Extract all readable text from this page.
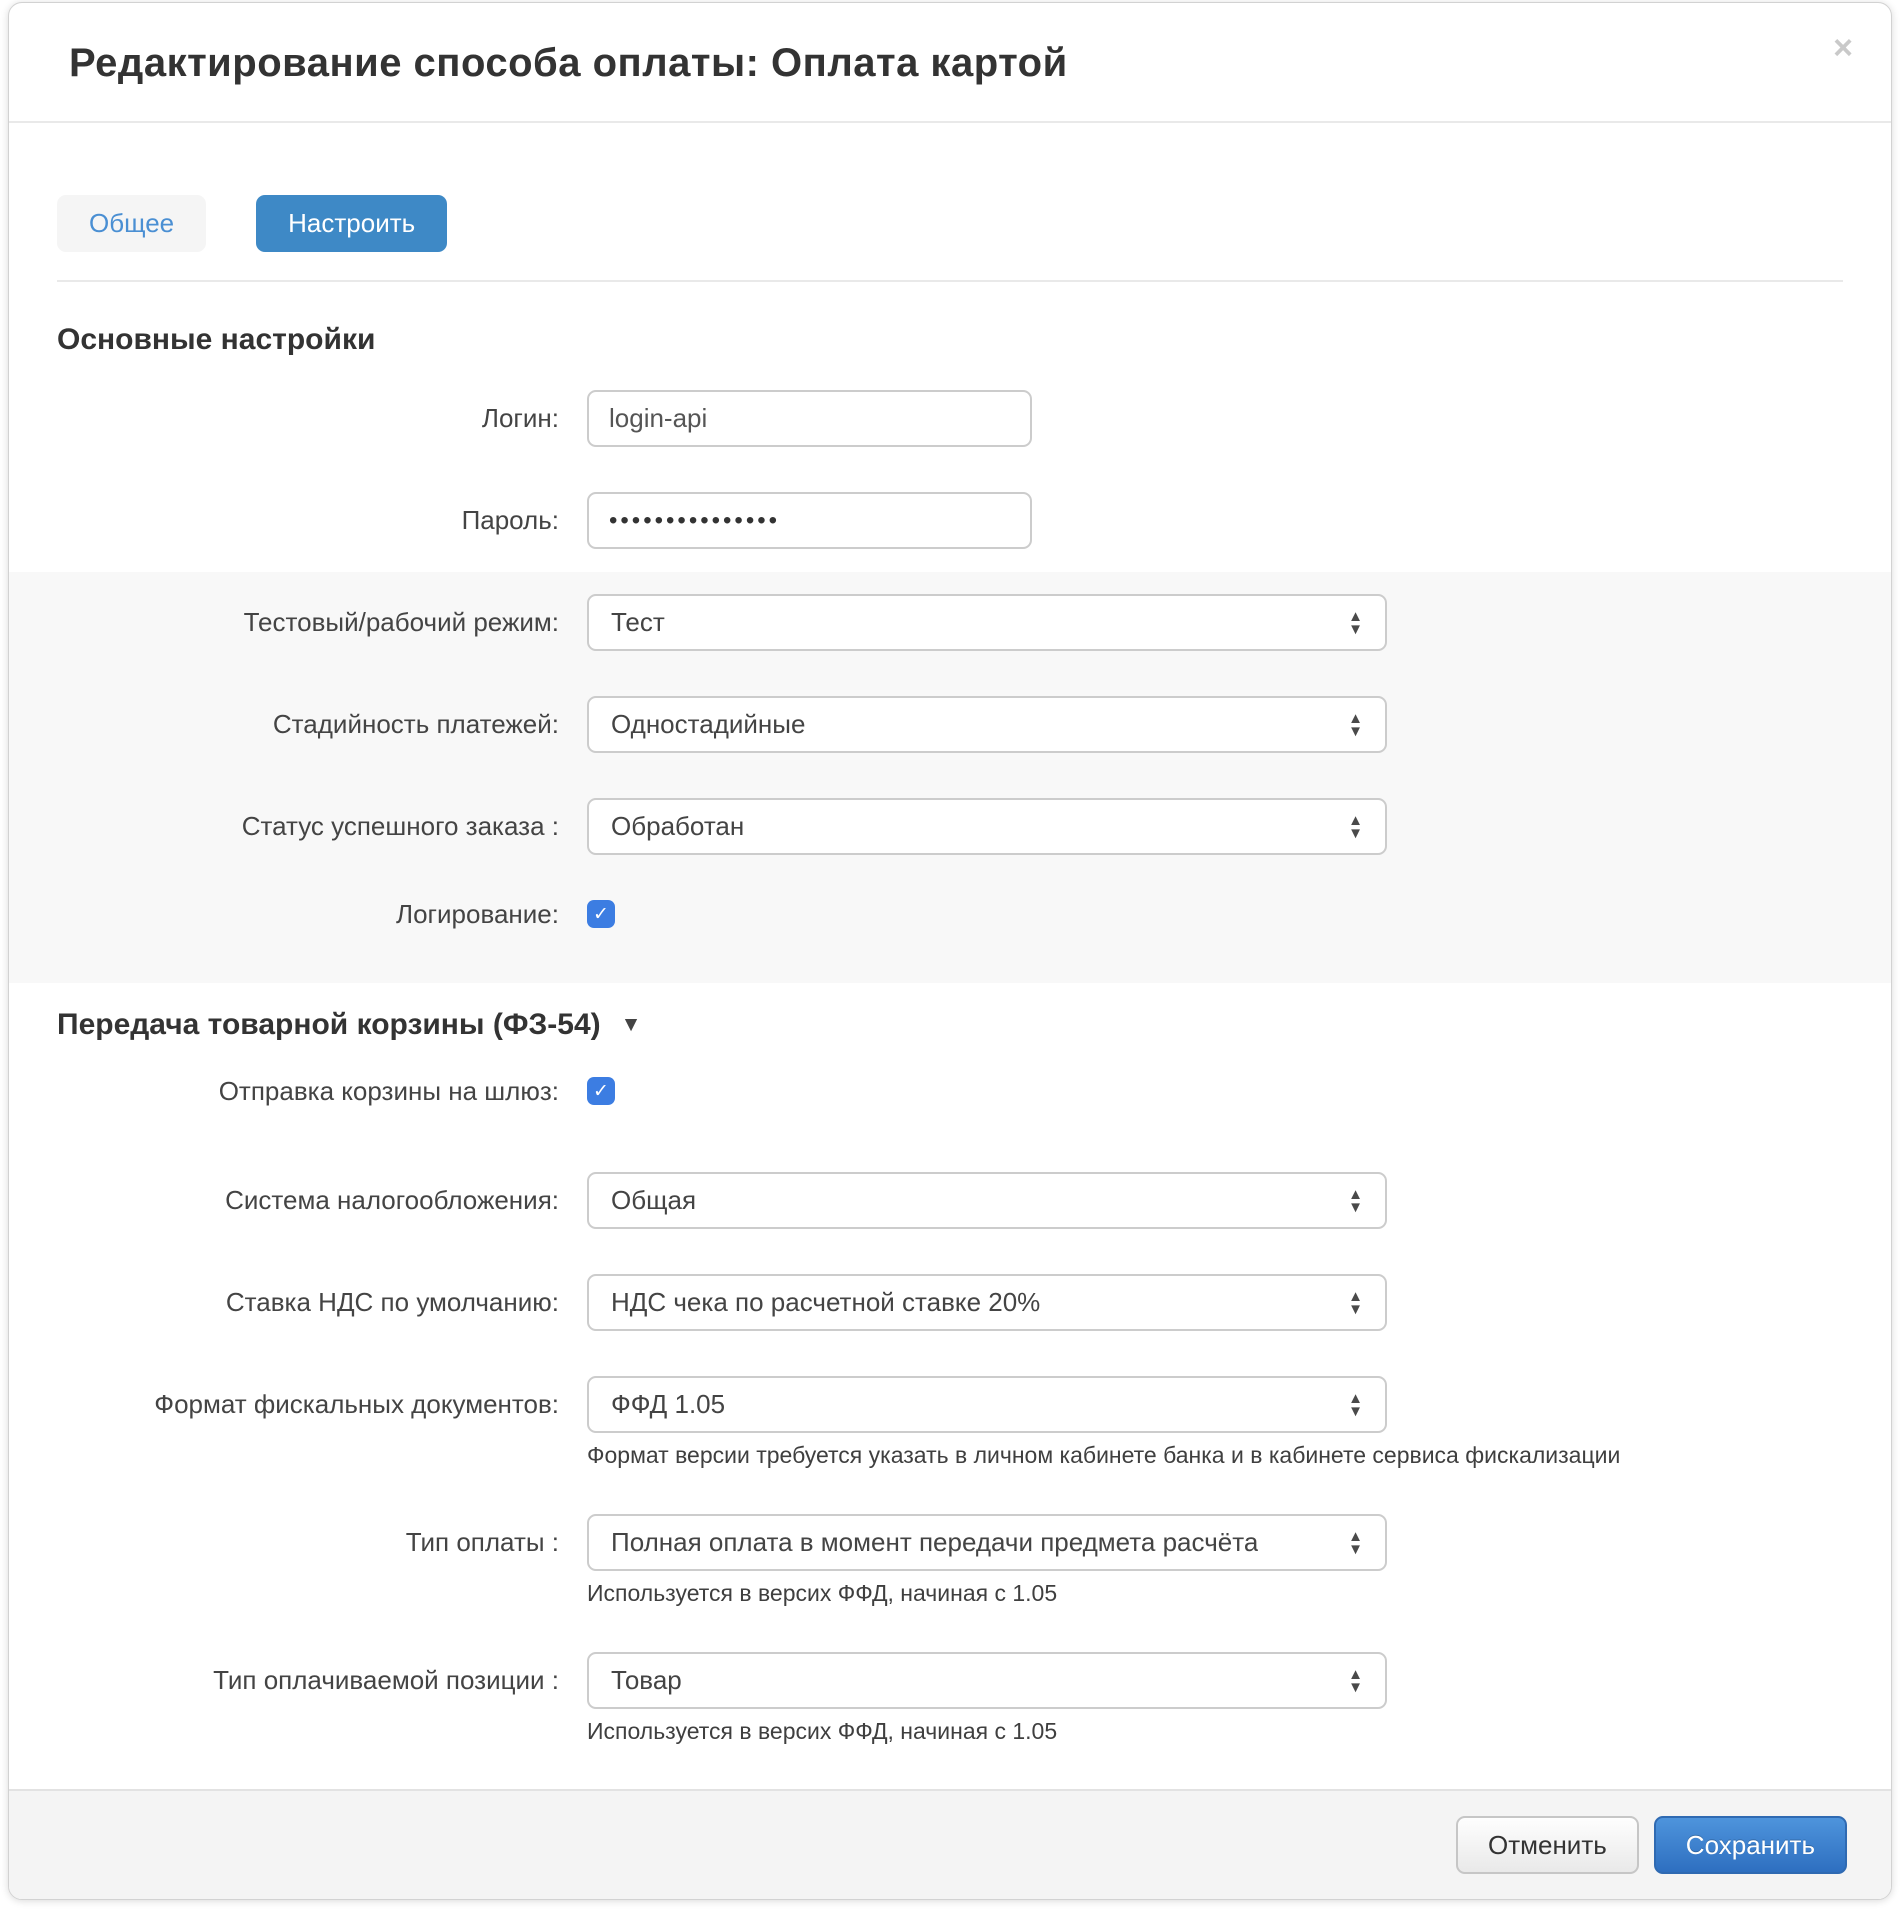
Редактирование способа оплаты: Оплата картой	×
Общее	Настроить
Основные настройки
Логин:
login-api
Пароль:
•••••••••••••••
Тестовый/рабочий режим: Тест	▲
▼
Стадийность платежей: Одностадийные	▲
▼
Статус успешного заказа : Обработан	▲
▼
Логирование: ✓
Передача товарной корзины (ФЗ-54) ▼
Отправка корзины на шлюз: ✓
Система налогообложения: Общая	▲
▼
Ставка НДС по умолчанию: НДС чека по расчетной ставке 20%	▲
▼
Формат фискальных документов: ФФД 1.05	▲
▼
Формат версии требуется указать в личном кабинете банка и в кабинете сервиса фискализации
Тип оплаты : Полная оплата в момент передачи предмета расчёта	▲
▼
Используется в версих ФФД, начиная с 1.05
Тип оплачиваемой позиции : Товар	▲
▼
Используется в версих ФФД, начиная с 1.05
Отменить	Сохранить
